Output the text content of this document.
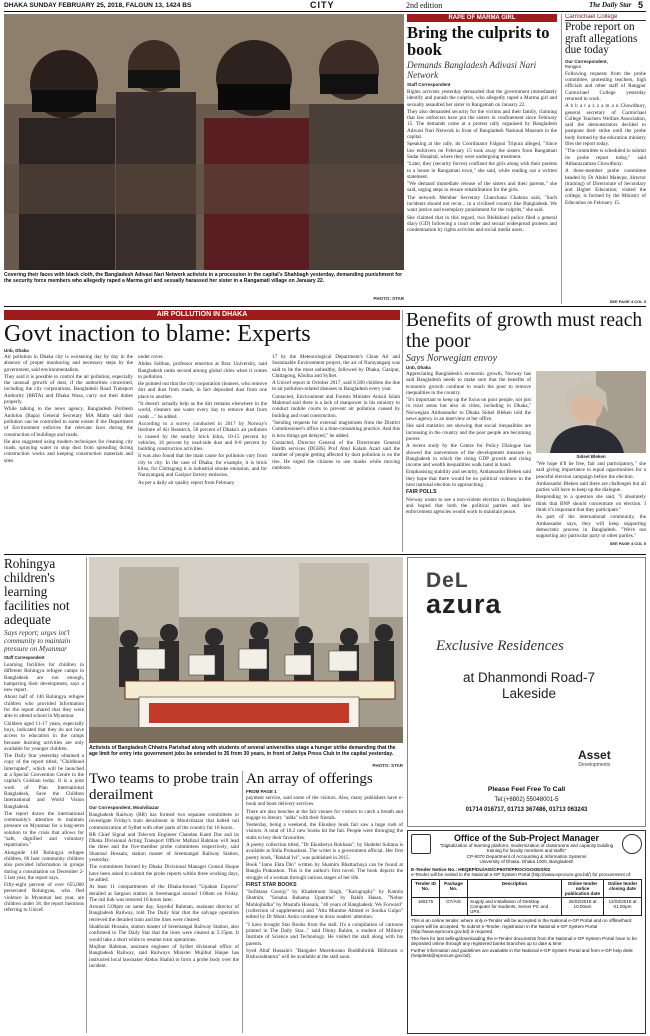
DHAKA SUNDAY FEBRUARY 25, 2018, FALGUN 13, 1424 BS	CITY	2nd edition	The Daily Star 5
Covering their faces with black cloth, the Bangladesh Adivasi Nari Network activists in a procession in the capital's Shahbagh yesterday, demanding punishment for the security force members who allegedly raped a Marma girl and sexually harassed her sister in a Rangamati village on January 22.
PHOTO: STAR
RAPE OF MARMA GIRL
Bring the culprits to book
Demands Bangladesh Adivasi Nari Network
Staff Correspondent

Rights activists yesterday demanded that the government immediately identify and punish the culprits, who allegedly raped a Marma girl and sexually assaulted her sister in Rangamati on January 22.

They also demanded security for the victims and their family, claiming that law enforcers have put the sisters in confinement since February 15. The demands came at a protest rally organised by Bangladesh Adivasi Nari Network in front of Bangladesh National Museum in the capital.

Speaking at the rally, its Coordinator Falguni Tripura alleged, "Since law enforcers on February 15 took away the sisters from Rangamati Sadar Hospital, where they were undergoing treatment.

"Later, they (security forces) confined the girls along with their parents to a house in Rangamati town," she said, while reading out a written statement.

"We demand immediate release of the sisters and their parents," she said, urging steps to ensure rehabilitation for the girls.

The network Member Secretary Chanchana Chakma said, "Such incidents should not recur... in a civilised country like Bangladesh. We want justice and exemplary punishment for the culprits," she said.

She claimed that in this regard, two Bhikkhuni police filed a general diary (GD) following a court order and sexual widespread protests and condemnation by rights activists and social media users.

Carmichael College
Probe report on graft allegations due today
Our Correspondent,
Rangpur

Following requests from the probe committee, protesting teachers, high officials and other staff of Rangpur Carmichael College yesterday returned to work.

A b h a r a z z a m a n Chowdhury, general secretary of Carmichael College Teachers Welfare Association, said the demonstrators decided to postpone their strike until the probe body formed by the education ministry files the report today.

"The committee is scheduled to submit its probe report today," said Abharazzaman Chowdhury.

A three-member probe committee headed by Dr Abdul Malequr, director (training) of Directorate of Secondary and Higher Education; visited the college, is formed by the Ministry of Education on February 15.

SEE PAGE 4 COL 5
AIR POLLUTION IN DHAKA
Govt inaction to blame: Experts
Unb, Dhaka

Air pollution in Dhaka city is worsening day by day in the absence of proper monitoring and necessary steps by the government, said environmentalists.

They said it is possible to control the air pollution, especially the unusual growth of dust, if the authorities concerned, including the city corporations, Bangladesh Road Transport Authority (BRTA) and Dhaka Wasa, carry out their duties properly.

While talking to the news agency, Bangladesh Poribesh Andolon (Bapa) General Secretary MA Matin said dust pollution can be controlled to some extent if the Department of Environment enforces the relevant laws during the construction of buildings and roads.

He also suggested using modern techniques for cleaning city roads, spraying water to stop dust from spreading during construction works and keeping construction materials and sites

under cover.

Abdus Sobhan, professor emeritus at Brac University, said Bangladesh ranks second among global cities when it comes to pollution.

He pointed out that the city corporation cleaners, who remove dirt and dust from roads, in fact deposited dust from one place to another.

"It doesn't actually help as the dirt remains elsewhere in the world, cleaners use water every day to remove dust from roads ..." he added.

According to a survey conducted in 2017 by Norway's Institute of Air Research, 58 percent of Dhaka's air pollution is caused by the nearby brick kilns, 10-15 percent by vehicles, 16 percent by road-side dust and 6-8 percent by building construction activities.

It was also found that the main cause for pollution vary from city to city. In the case of Dhaka, for example, it is brick kilns, for Chittagong it is industrial smoke emission, and for Narayanganj and Gazipur factory emission.

As per a daily air quality report from February

17 by the Meteorological Department's Clean Air and Sustainable Environment project, the air of Narayanganj was said to be the most unhealthy, followed by Dhaka, Gazipur, Chittagong, Khulna and Sylhet.

A Unicef report in October 2017, said 8,500 children die due to air pollution-related diseases in Bangladesh every year.

Contacted, Environment and Forests Minister Anisul Islam Mahmud said there is a lack of manpower in his ministry to conduct mobile courts to prevent air pollution caused by building and road construction.

"Sending requests for external magistrates from the District Commissioner's office is a time-consuming practice. And this is how things get delayed," he added.

Contacted, Director General of the Directorate General Health services (DGHS) Prof Abul Kalam Azad said the number of people getting affected by dust pollution is on the rise. He urged the citizens to use masks while moving outdoors.

Benefits of growth must reach the poor
Says Norwegian envoy
Unb, Dhaka

Appreciating Bangladesh's economic growth, Norway has said Bangladesh needs to make sure that the benefits of economic growth continue to reach the poor to remove inequalities in the country.

"It's important to keep up the focus on poor people, not just in rural areas but also in cities, including in Dhaka," Norwegian Ambassador to Dhaka Sidsel Bleken told the news agency in an interview at her office.

She said statistics are showing that social inequalities are increasing in the country and the poor people are becoming poorer.

A recent study by the Centre for Policy Dialogue has showed the unevenness of the development measure in Bangladesh in which the rising GDP growth and rising income and wealth inequalities walk hand in hand.

Emphasising stability and security, Ambassador Bleken said they hope that there would be no political violence in the next national election in approaching.

FAIR POLLS

Norway wants to see a non-violent election in Bangladesh and hoped that both the political parties and law enforcement agencies would work to maintain peace.

Sidsel Bleken

"We hope it'll be free, fair and participatory," she said giving importance to equal opportunities for a peaceful election campaign before the election.

Ambassador Bleken said there are challenges but all parties will have to keep up the dialogue.

Responding to a question she said, "I absolutely think that BNP should concentrate on election. I think it's important that they participate."

As part of the international community, the Ambassador says, they will keep supporting democratic process in Bangladesh. "We're not supporting any particular party or other parties."

SEE PAGE 4 COL 5
Rohingya children's learning facilities not adequate
Says report; urges int'l community to maintain pressure on Myanmar
Staff Correspondent

Learning facilities for children in different Rohingya refugee camps in Bangladesh are not enough, hampering their development, says a new report.

About half of 140 Rohingya refugee children who provided information for the report shared that they were able to attend school in Myanmar.

Children aged 11-17 years, especially boys, indicated that they do not have access to education in the camps because learning activities are only available for younger children.

The Daily Star yesterday obtained a copy of the report titled, "Childhood Interrupted", which will be launched at a Special Convention Centre in the capital's Gulshan today. It is a joint work of Plan International Bangladesh, Save the Children International and World Vision Bangladesh.

The report draws the international community's attention to maintain pressure on Myanmar for a long-term solution to the crisis that allows for "safe, dignified and voluntary repatriation."

Alongside 140 Rohingya refugee children, 60 host community children also provided information in groups during a consultation on December 2-5 last year, the report says.

Fifty-eight percent of over 655,000 persecuted Rohingyas, who fled violence in Myanmar last year, are children under 18, the report mentions referring to Unicef.

Activists of Bangladesh Chhatra Parishad along with students of several universities stage a hunger strike demanding that the age limit for entry into government jobs be extended to 35 from 30 years, in front of Jatiya Press Club in the capital yesterday.
PHOTO: STAR
Two teams to probe train derailment
Our Correspondent, Moulvibazar

Bangladesh Railway (BR) has formed two separate committees to investigate Friday's train derailment in Moulvibazar that halted rail communication of Sylhet with other parts of the country for 16 hours.

BR Chief Signal and Telecom Engineer Chandan Kanti Das and its Dhaka Divisional Acting Transport Officer Mafizul Rahman will lead the three and the five-member probe committees respectively, said Shamsul Hossain, station master of Sreemangal Railway Station, yesterday.

The committees formed by Dhaka Divisional Manager Gonsul Hoque have been asked to submit the probe reports within three working days, he added.

At least 11 compartments of the Dhaka-bound "Upaban Express" derailed at Satgaon station in Sreemangal around 1:00am on Friday. The rail link was restored 16 hours later.

Around 5:00pm on same day, Sayedul Rahman, assistant director of Bangladesh Railway, told The Daily Star that the salvage operation retrieved the derailed train and the lines were cleared.

Shahbulal Hossain, station master of Sreemangal Railway Station, also confirmed to The Daily Star that the lines were cleared at 5:15pm. It would take a short while to resume train operations.

Mojibur Rahman, assistant engineer of Sylhet divisional office of Bangladesh Railway, said Railways Minister Mujibul Haque has instructed local lawmaker Abdus Shahid to form a probe body over the incident.

An array of offerings
FROM PAGE 1

payment service, said some of the visitors. Also, many publishers have e-book and book delivery services.

There are also benches at the fair venues for visitors to catch a breath and engage in literary "adda" with their friends.

Yesterday, being a weekend, the Ekushey book fair saw a huge rush of visitors. A total of 18.2 new books hit the fair. People were thronging the stalls to buy their favourites.

A poetry collection titled, "Dr Ekusherya Rokhans", by Shabdul Sultana is available at Shila Prokashani. The writer is a government official. Her first poetry book, "Rakhal Ivi", was published in 2015.

Book "Jamo Ekta Din" written by Shamim Bhattachaya can be found at Bangla Prakashon. This is the author's first novel. The book depicts the struggle of a woman through various stages of her life.

FIRST STAR BOOKS

"Sufistana Goonjy" by Khademum Singh, "Karugraphy" by Kamila Shamim, "Sonaba Bahama Upantras" by Rakib Hasan, "Nohor Mohlojhidha" by Mostafa Hossain, "40 years of Bangladesh: We Forward" (collection of supplements) and "Alta Mumme Ahmed er Sonika Gulpo" edited by Dr Munir Amin continue to draw readers' attention.

"I have brought Star Books from the stall. It's a compilation of cartoons printed in The Daily Star..." said Dinny Rahim, a student of Military Institute of Science and Technology. He visited the stall along with his parents.

Syed Altaf Hussain's "Bangaler Moerdorano Buddhibritik Bibhrram o Bishwashtantra" will be available at the stall soon.

DeL
azura
Exclusive Residences
at Dhanmondi Road-7 Lakeside
Asset
Developments
Please Feel Free To Call
Tel:(+8802) 55048001-5
01714 016717, 01713 367486, 01713 063243
Office of the Sub-Project Manager
"Digitalization of learning platform, modernization of classrooms and capacity building training for faculty members and staffs"
CP-6070 Department of Accounting & Information Systems
University of Dhaka, Dhaka 1000, Bangladesh
E-Tender Notice No.: HEQEP/DU/AIS/CP6070/PROC/GOODS/02
e-Tender will be invited in the National e-GP System Portal (http://www.eprocure.gov.bd/) for procurement of:
Tender ID No.	Package No.	Description	Online tender notice publication date	Online tender closing date
168175	G7/AIS	Supply and installation of Desktop Computer for students, Server PC and UPS.	25/02/2018 at 10.00am	12/03/2018 at 01.00pm

This is an online tender, where only e-Tender will be accepted in the National e-GP Portal and no offline/hard copies will be accepted. To submit e-Tender, registration in the National e-GP System Portal (http://www.eprocure.gov.bd) is required.

The fees for last selling/downloading the e-Tender documents from the National e-GP System Portal have to be deposited online through any registered banks branches up to date & time.

Further information and guidelines are available in the National e-GP System Portal and from e-GP help desk (helpdesk@eprocure.gov.bd).
